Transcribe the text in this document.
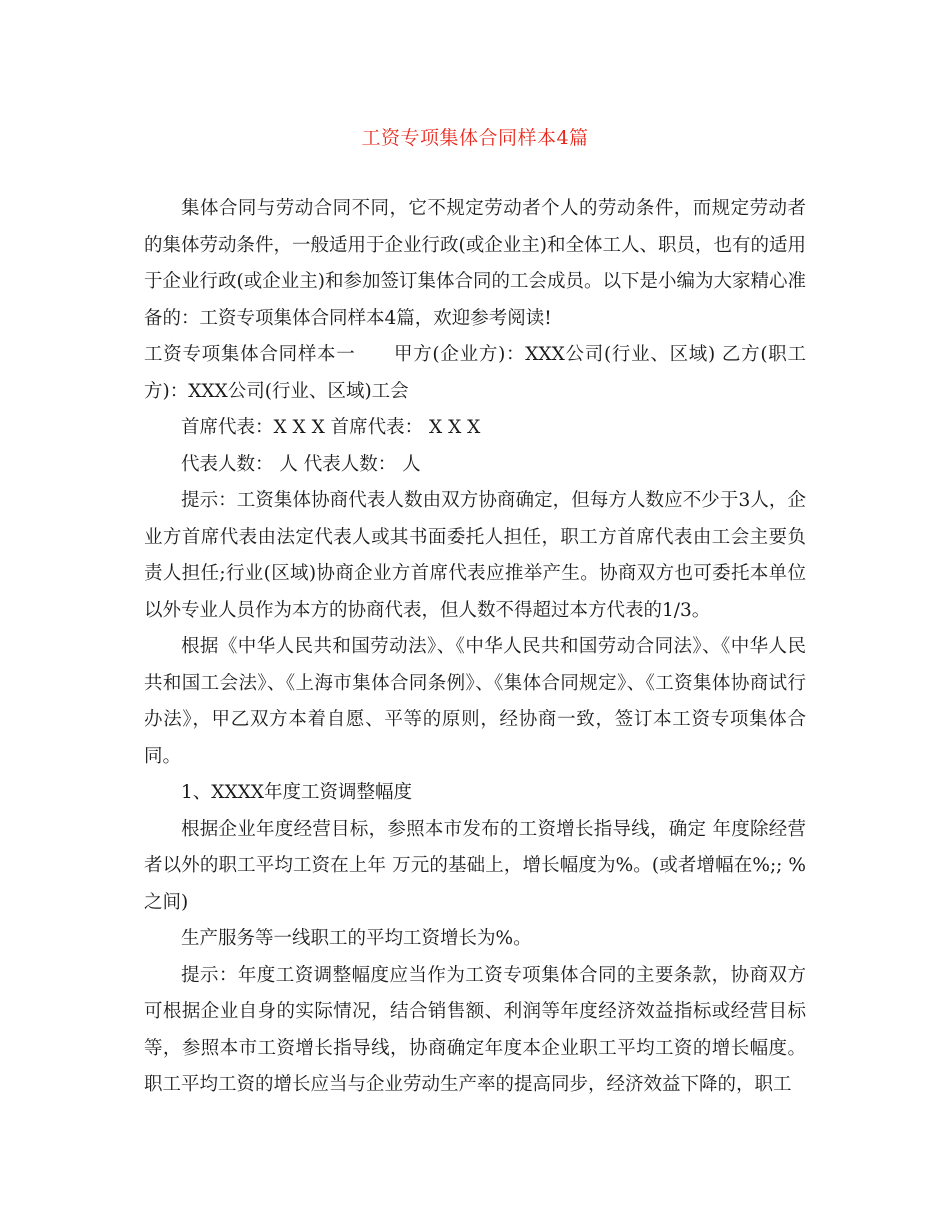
工资专项集体合同样本4篇

集体合同与劳动合同不同，它不规定劳动者个人的劳动条件，而规定劳动者的集体劳动条件，一般适用于企业行政(或企业主)和全体工人、职员，也有的适用于企业行政(或企业主)和参加签订集体合同的工会成员。以下是小编为大家精心准备的：工资专项集体合同样本4篇，欢迎参考阅读!

工资专项集体合同样本一　　甲方(企业方)：XXX公司(行业、区域) 乙方(职工方)：XXX公司(行业、区域)工会

首席代表：X X X 首席代表： X X X

代表人数： 人 代表人数： 人

提示：工资集体协商代表人数由双方协商确定，但每方人数应不少于3人，企业方首席代表由法定代表人或其书面委托人担任，职工方首席代表由工会主要负责人担任;行业(区域)协商企业方首席代表应推举产生。协商双方也可委托本单位以外专业人员作为本方的协商代表，但人数不得超过本方代表的1/3。

根据《中华人民共和国劳动法》、《中华人民共和国劳动合同法》、《中华人民共和国工会法》、《上海市集体合同条例》、《集体合同规定》、《工资集体协商试行办法》，甲乙双方本着自愿、平等的原则，经协商一致，签订本工资专项集体合同。

1、XXXX年度工资调整幅度

根据企业年度经营目标，参照本市发布的工资增长指导线，确定 年度除经营者以外的职工平均工资在上年 万元的基础上，增长幅度为%。(或者增幅在%;; %之间)

生产服务等一线职工的平均工资增长为%。

提示：年度工资调整幅度应当作为工资专项集体合同的主要条款，协商双方可根据企业自身的实际情况，结合销售额、利润等年度经济效益指标或经营目标等，参照本市工资增长指导线，协商确定年度本企业职工平均工资的增长幅度。职工平均工资的增长应当与企业劳动生产率的提高同步，经济效益下降的，职工
